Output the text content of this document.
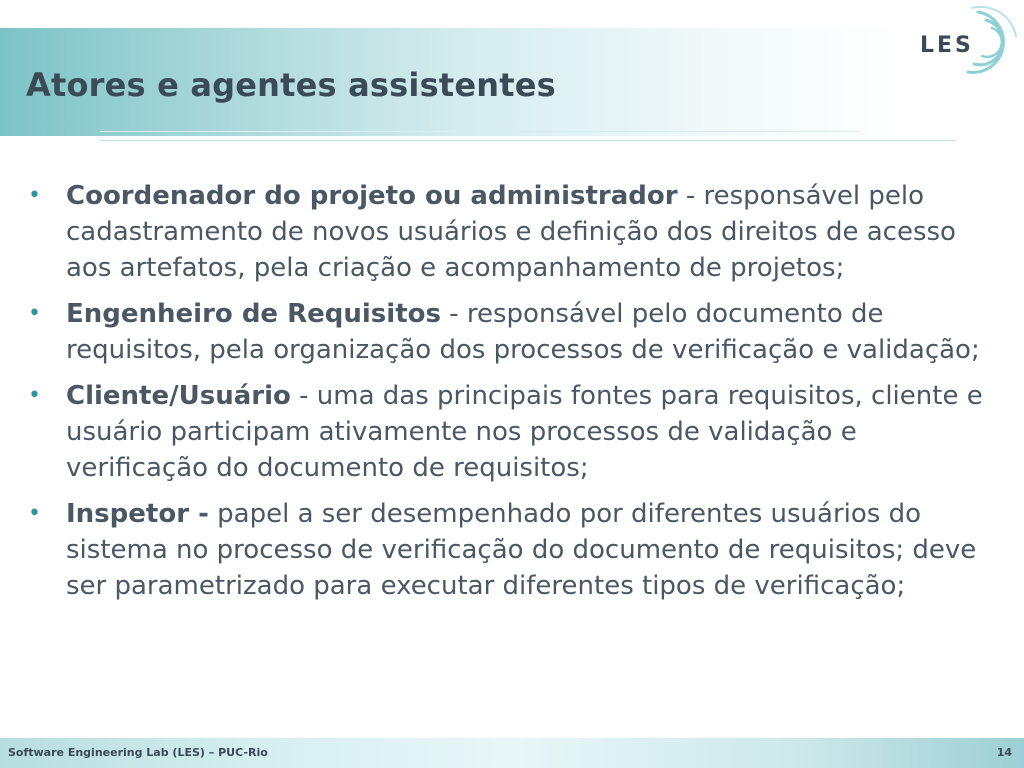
Atores e agentes assistentes
LES
• Coordenador do projeto ou administrador - responsável pelo cadastramento de novos usuários e definição dos direitos de acesso aos artefatos, pela criação e acompanhamento de projetos;
• Engenheiro de Requisitos - responsável pelo documento de requisitos, pela organização dos processos de verificação e validação;
• Cliente/Usuário - uma das principais fontes para requisitos, cliente e usuário participam ativamente nos processos de validação e verificação do documento de requisitos;
• Inspetor - papel a ser desempenhado por diferentes usuários do sistema no processo de verificação do documento de requisitos; deve ser parametrizado para executar diferentes tipos de verificação;
Software Engineering Lab (LES) – PUC-Rio	14
